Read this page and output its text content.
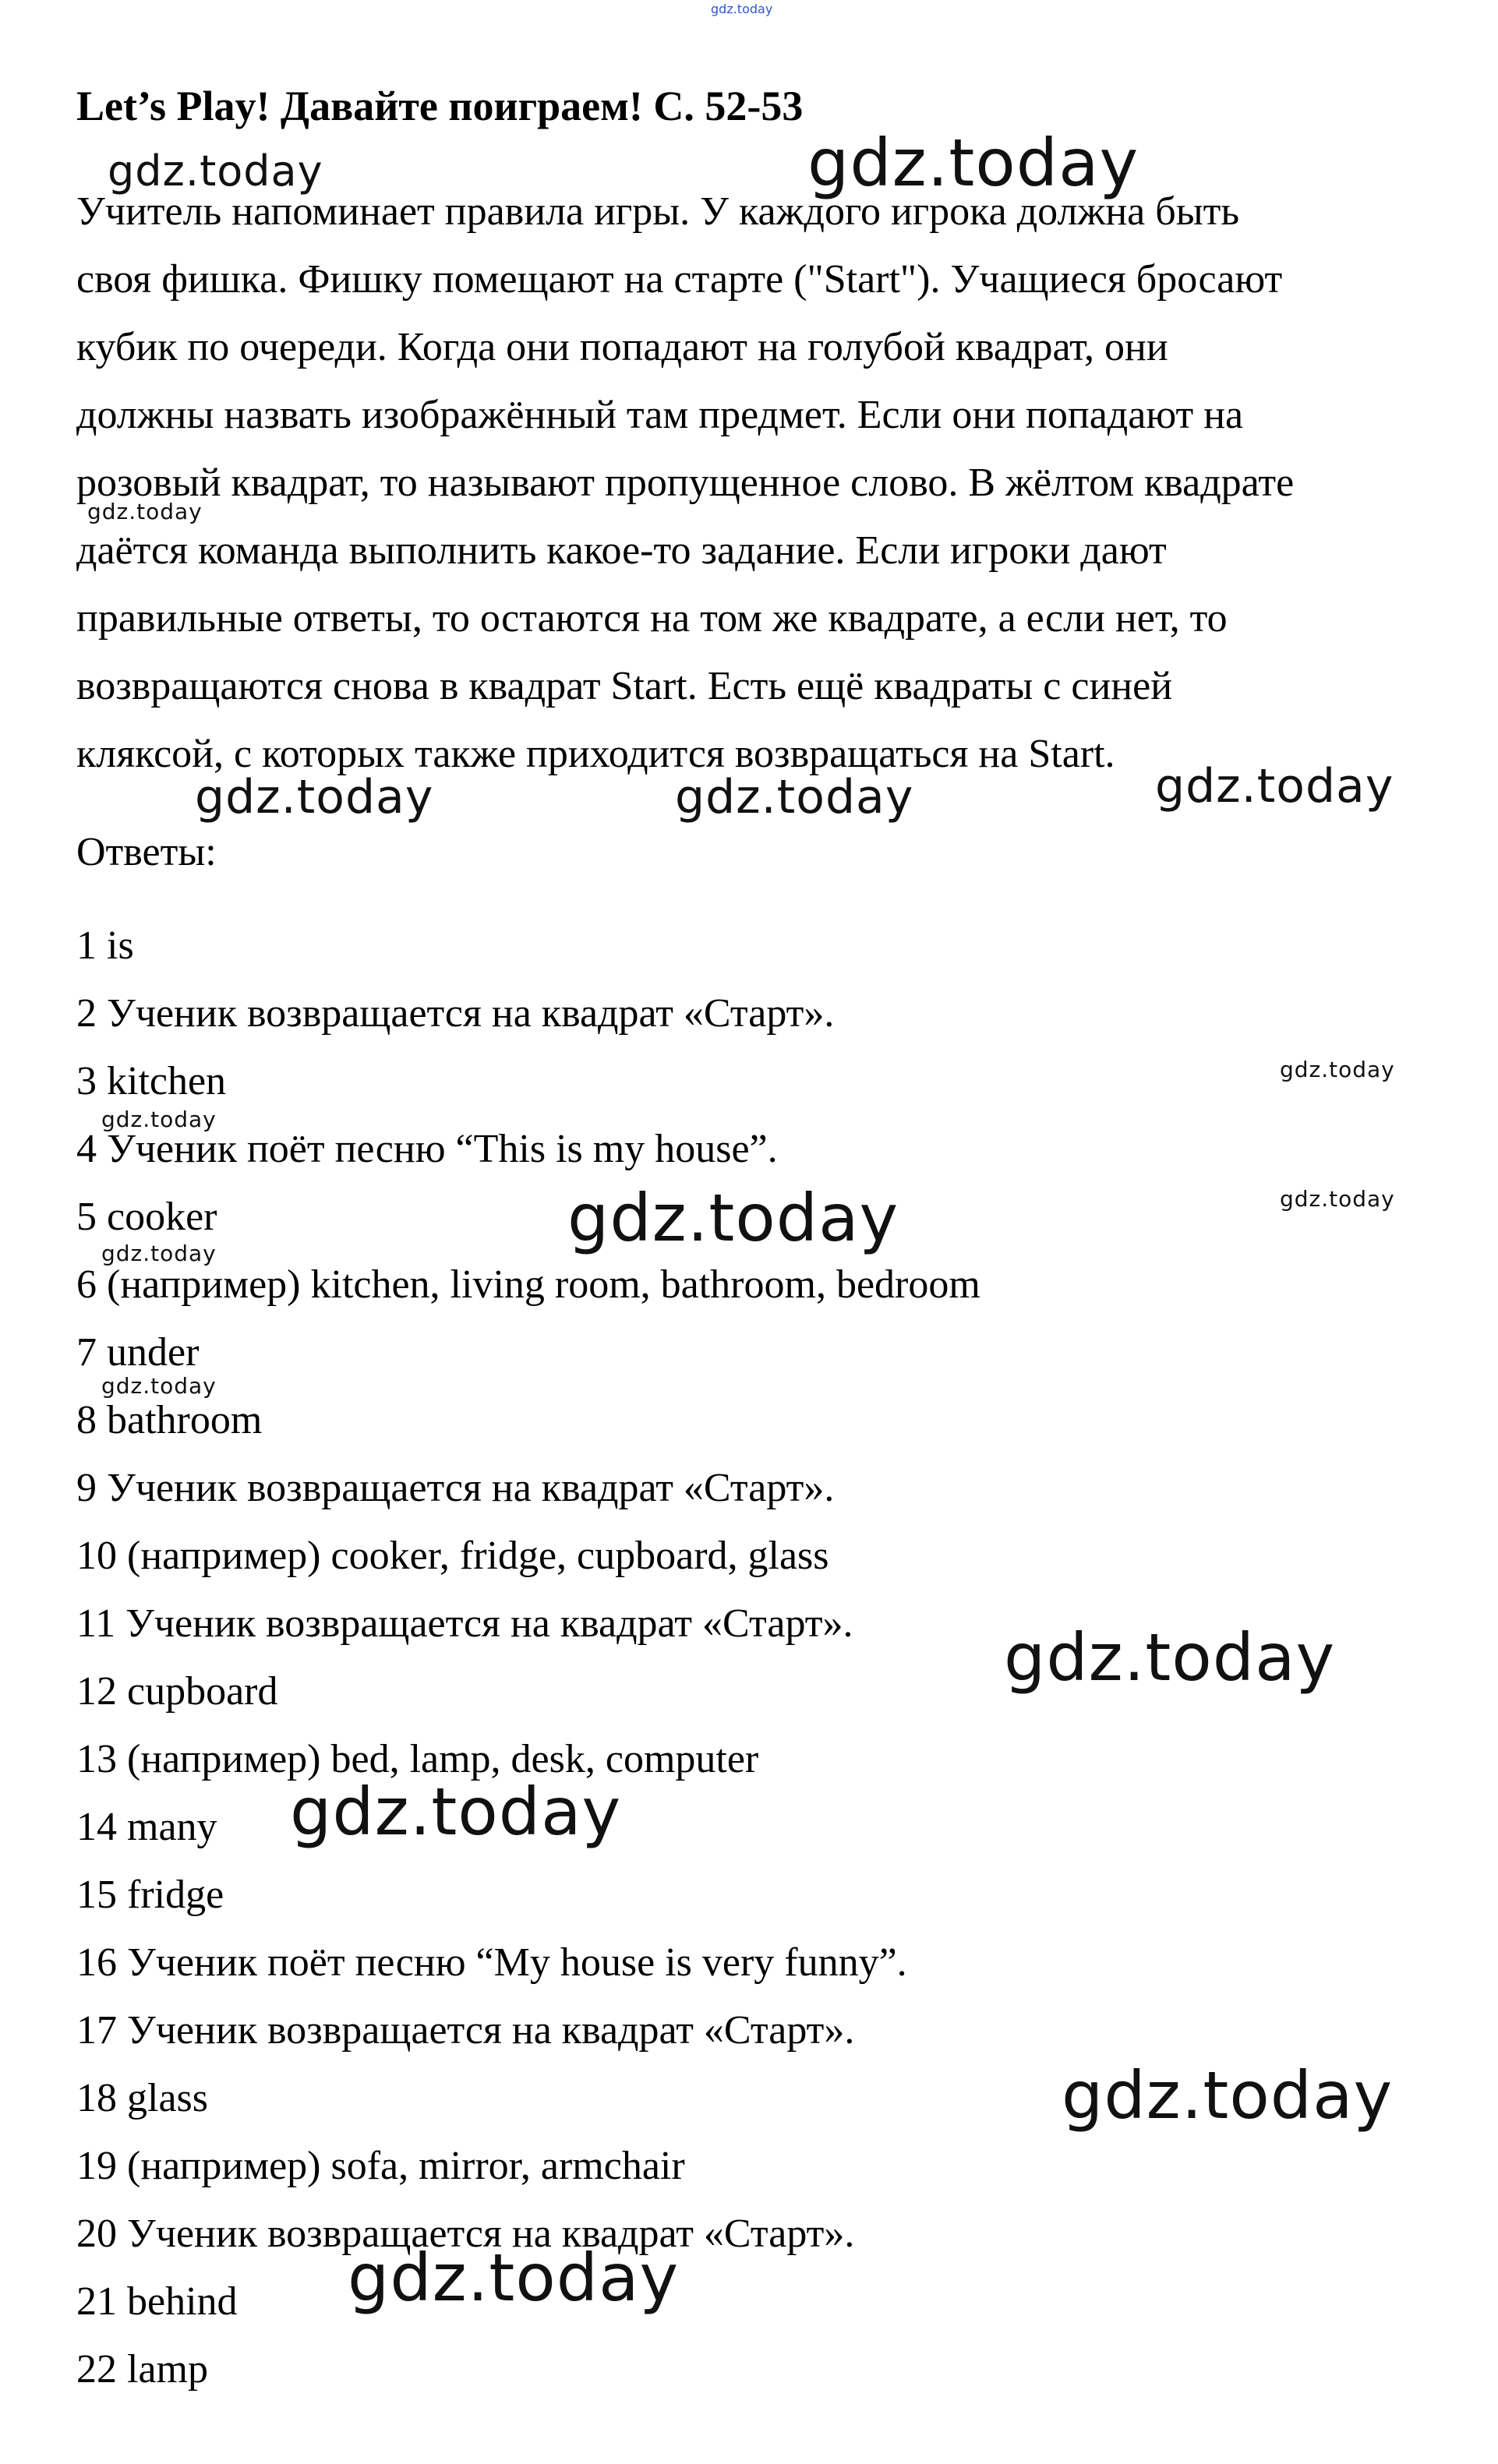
gdz.today
Let’s Play! Давайте поиграем! С. 52-53
Учитель напоминает правила игры. У каждого игрока должна быть
своя фишка. Фишку помещают на старте ("Start"). Учащиеся бросают
кубик по очереди. Когда они попадают на голубой квадрат, они
должны назвать изображённый там предмет. Если они попадают на
розовый квадрат, то называют пропущенное слово. В жёлтом квадрате
даётся команда выполнить какое-то задание. Если игроки дают
правильные ответы, то остаются на том же квадрате, а если нет, то
возвращаются снова в квадрат Start. Есть ещё квадраты с синей
кляксой, с которых также приходится возвращаться на Start.
Ответы:
1 is
2 Ученик возвращается на квадрат «Старт».
3 kitchen
4 Ученик поёт песню “This is my house”.
5 cooker
6 (например) kitchen, living room, bathroom, bedroom
7 under
8 bathroom
9 Ученик возвращается на квадрат «Старт».
10 (например) cooker, fridge, cupboard, glass
11 Ученик возвращается на квадрат «Старт».
12 cupboard
13 (например) bed, lamp, desk, computer
14 many
15 fridge
16 Ученик поёт песню “My house is very funny”.
17 Ученик возвращается на квадрат «Старт».
18 glass
19 (например) sofa, mirror, armchair
20 Ученик возвращается на квадрат «Старт».
21 behind
22 lamp
gdz.today	gdz.today
gdz.today
gdz.today	gdz.today	gdz.today
gdz.today
gdz.today
gdz.today	gdz.today
gdz.today
gdz.today
gdz.today
gdz.today
gdz.today
gdz.today
